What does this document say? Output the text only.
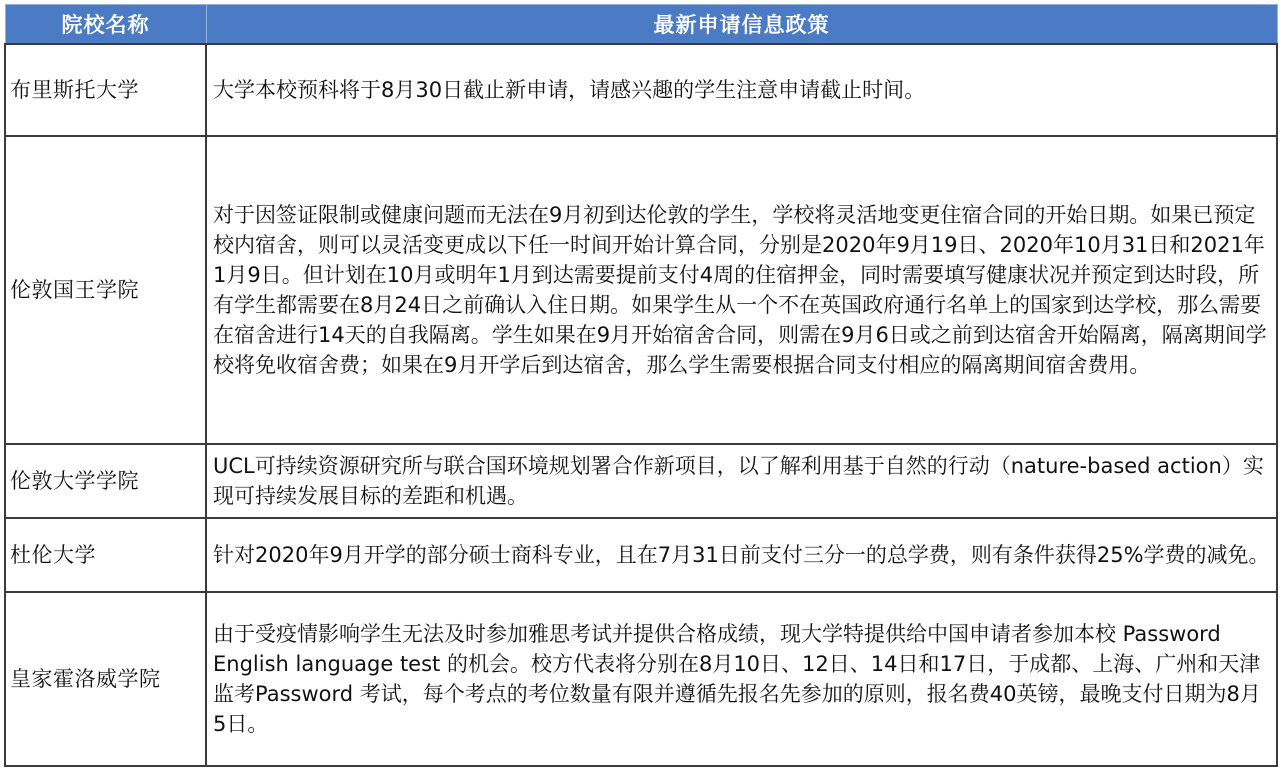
院校名称	最新申请信息政策
布里斯托大学	大学本校预科将于8月30日截止新申请，请感兴趣的学生注意申请截止时间。
伦敦国王学院	对于因签证限制或健康问题而无法在9月初到达伦敦的学生，学校将灵活地变更住宿合同的开始日期。如果已预定校内宿舍，则可以灵活变更成以下任一时间开始计算合同，分别是2020年9月19日、2020年10月31日和2021年1月9日。但计划在10月或明年1月到达需要提前支付4周的住宿押金，同时需要填写健康状况并预定到达时段，所有学生都需要在8月24日之前确认入住日期。如果学生从一个不在英国政府通行名单上的国家到达学校，那么需要在宿舍进行14天的自我隔离。学生如果在9月开始宿舍合同，则需在9月6日或之前到达宿舍开始隔离，隔离期间学校将免收宿舍费；如果在9月开学后到达宿舍，那么学生需要根据合同支付相应的隔离期间宿舍费用。
伦敦大学学院	UCL可持续资源研究所与联合国环境规划署合作新项目，以了解利用基于自然的行动（nature-based action）实现可持续发展目标的差距和机遇。
杜伦大学	针对2020年9月开学的部分硕士商科专业，且在7月31日前支付三分一的总学费，则有条件获得25%学费的减免。
皇家霍洛威学院	由于受疫情影响学生无法及时参加雅思考试并提供合格成绩，现大学特提供给中国申请者参加本校 Password English language test 的机会。校方代表将分别在8月10日、12日、14日和17日，于成都、上海、广州和天津监考Password 考试，每个考点的考位数量有限并遵循先报名先参加的原则，报名费40英镑，最晚支付日期为8月5日。
